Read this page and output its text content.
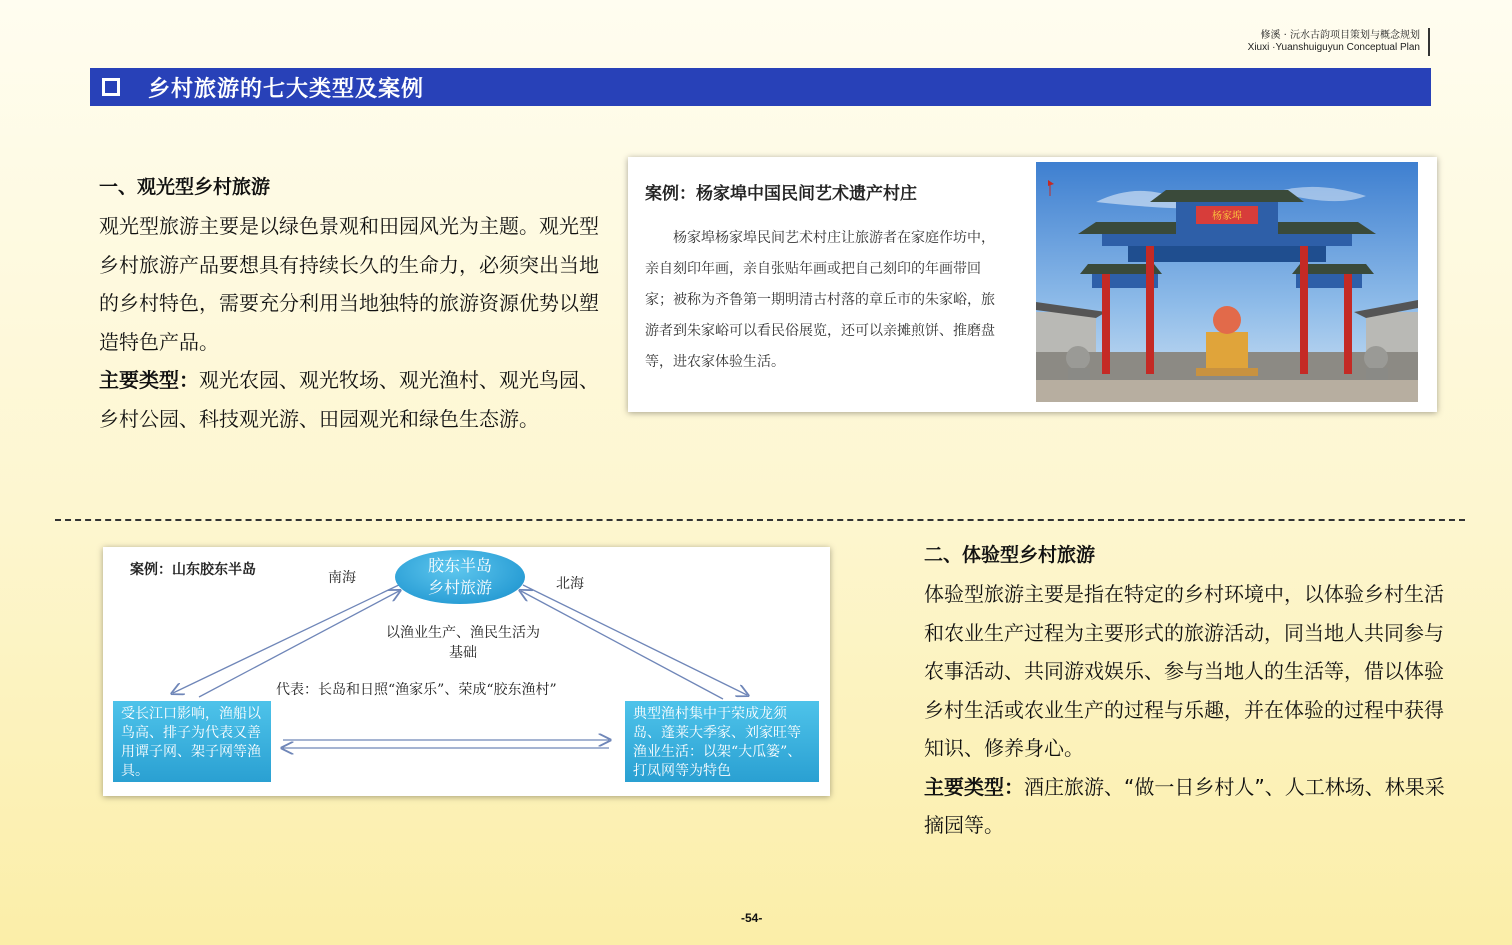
修溪 · 沅水古韵项目策划与概念规划
Xiuxi ·Yuanshuiguyun Conceptual Plan
乡村旅游的七大类型及案例
一、观光型乡村旅游

观光型旅游主要是以绿色景观和田园风光为主题。观光型乡村旅游产品要想具有持续长久的生命力，必须突出当地的乡村特色，需要充分利用当地独特的旅游资源优势以塑造特色产品。
主要类型：观光农园、观光牧场、观光渔村、观光鸟园、乡村公园、科技观光游、田园观光和绿色生态游。

案例：杨家埠中国民间艺术遗产村庄
杨家埠杨家埠民间艺术村庄让旅游者在家庭作坊中，亲自刻印年画，亲自张贴年画或把自己刻印的年画带回家；被称为齐鲁第一期明清古村落的章丘市的朱家峪，旅游者到朱家峪可以看民俗展览，还可以亲摊煎饼、推磨盘等，进农家体验生活。
杨家埠
案例：山东胶东半岛	胶东半岛
乡村旅游
南海	北海
以渔业生产、渔民生活为基础
代表：长岛和日照“渔家乐”、荣成“胶东渔村”
受长江口影响，渔船以鸟高、排子为代表又善用谭子网、架子网等渔具。
典型渔村集中于荣成龙须岛、蓬莱大季家、刘家旺等渔业生活：以架“大瓜篓”、打凤网等为特色
二、体验型乡村旅游

体验型旅游主要是指在特定的乡村环境中，以体验乡村生活和农业生产过程为主要形式的旅游活动，同当地人共同参与农事活动、共同游戏娱乐、参与当地人的生活等，借以体验乡村生活或农业生产的过程与乐趣，并在体验的过程中获得知识、修养身心。
主要类型：酒庄旅游、“做一日乡村人”、人工林场、林果采摘园等。

-54-
